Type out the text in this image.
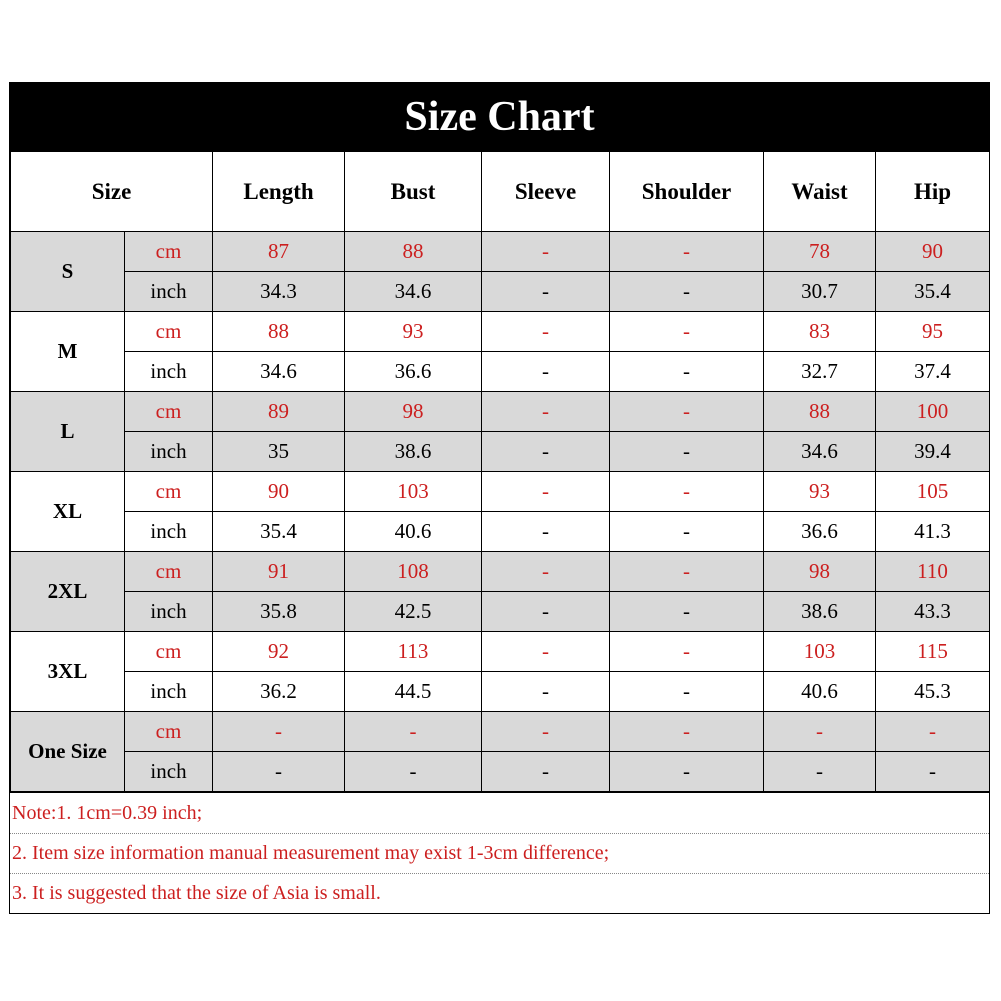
Size Chart
Size		Length	Bust	Sleeve	Shoulder	Waist	Hip
S	cm	87	88	-	-	78	90
	inch	34.3	34.6	-	-	30.7	35.4
M	cm	88	93	-	-	83	95
	inch	34.6	36.6	-	-	32.7	37.4
L	cm	89	98	-	-	88	100
	inch	35	38.6	-	-	34.6	39.4
XL	cm	90	103	-	-	93	105
	inch	35.4	40.6	-	-	36.6	41.3
2XL	cm	91	108	-	-	98	110
	inch	35.8	42.5	-	-	38.6	43.3
3XL	cm	92	113	-	-	103	115
	inch	36.2	44.5	-	-	40.6	45.3
One Size	cm	-	-	-	-	-	-
	inch	-	-	-	-	-	-
Note:1. 1cm=0.39 inch;
2. Item size information manual measurement may exist 1-3cm difference;
3. It is suggested that the size of Asia is small.
